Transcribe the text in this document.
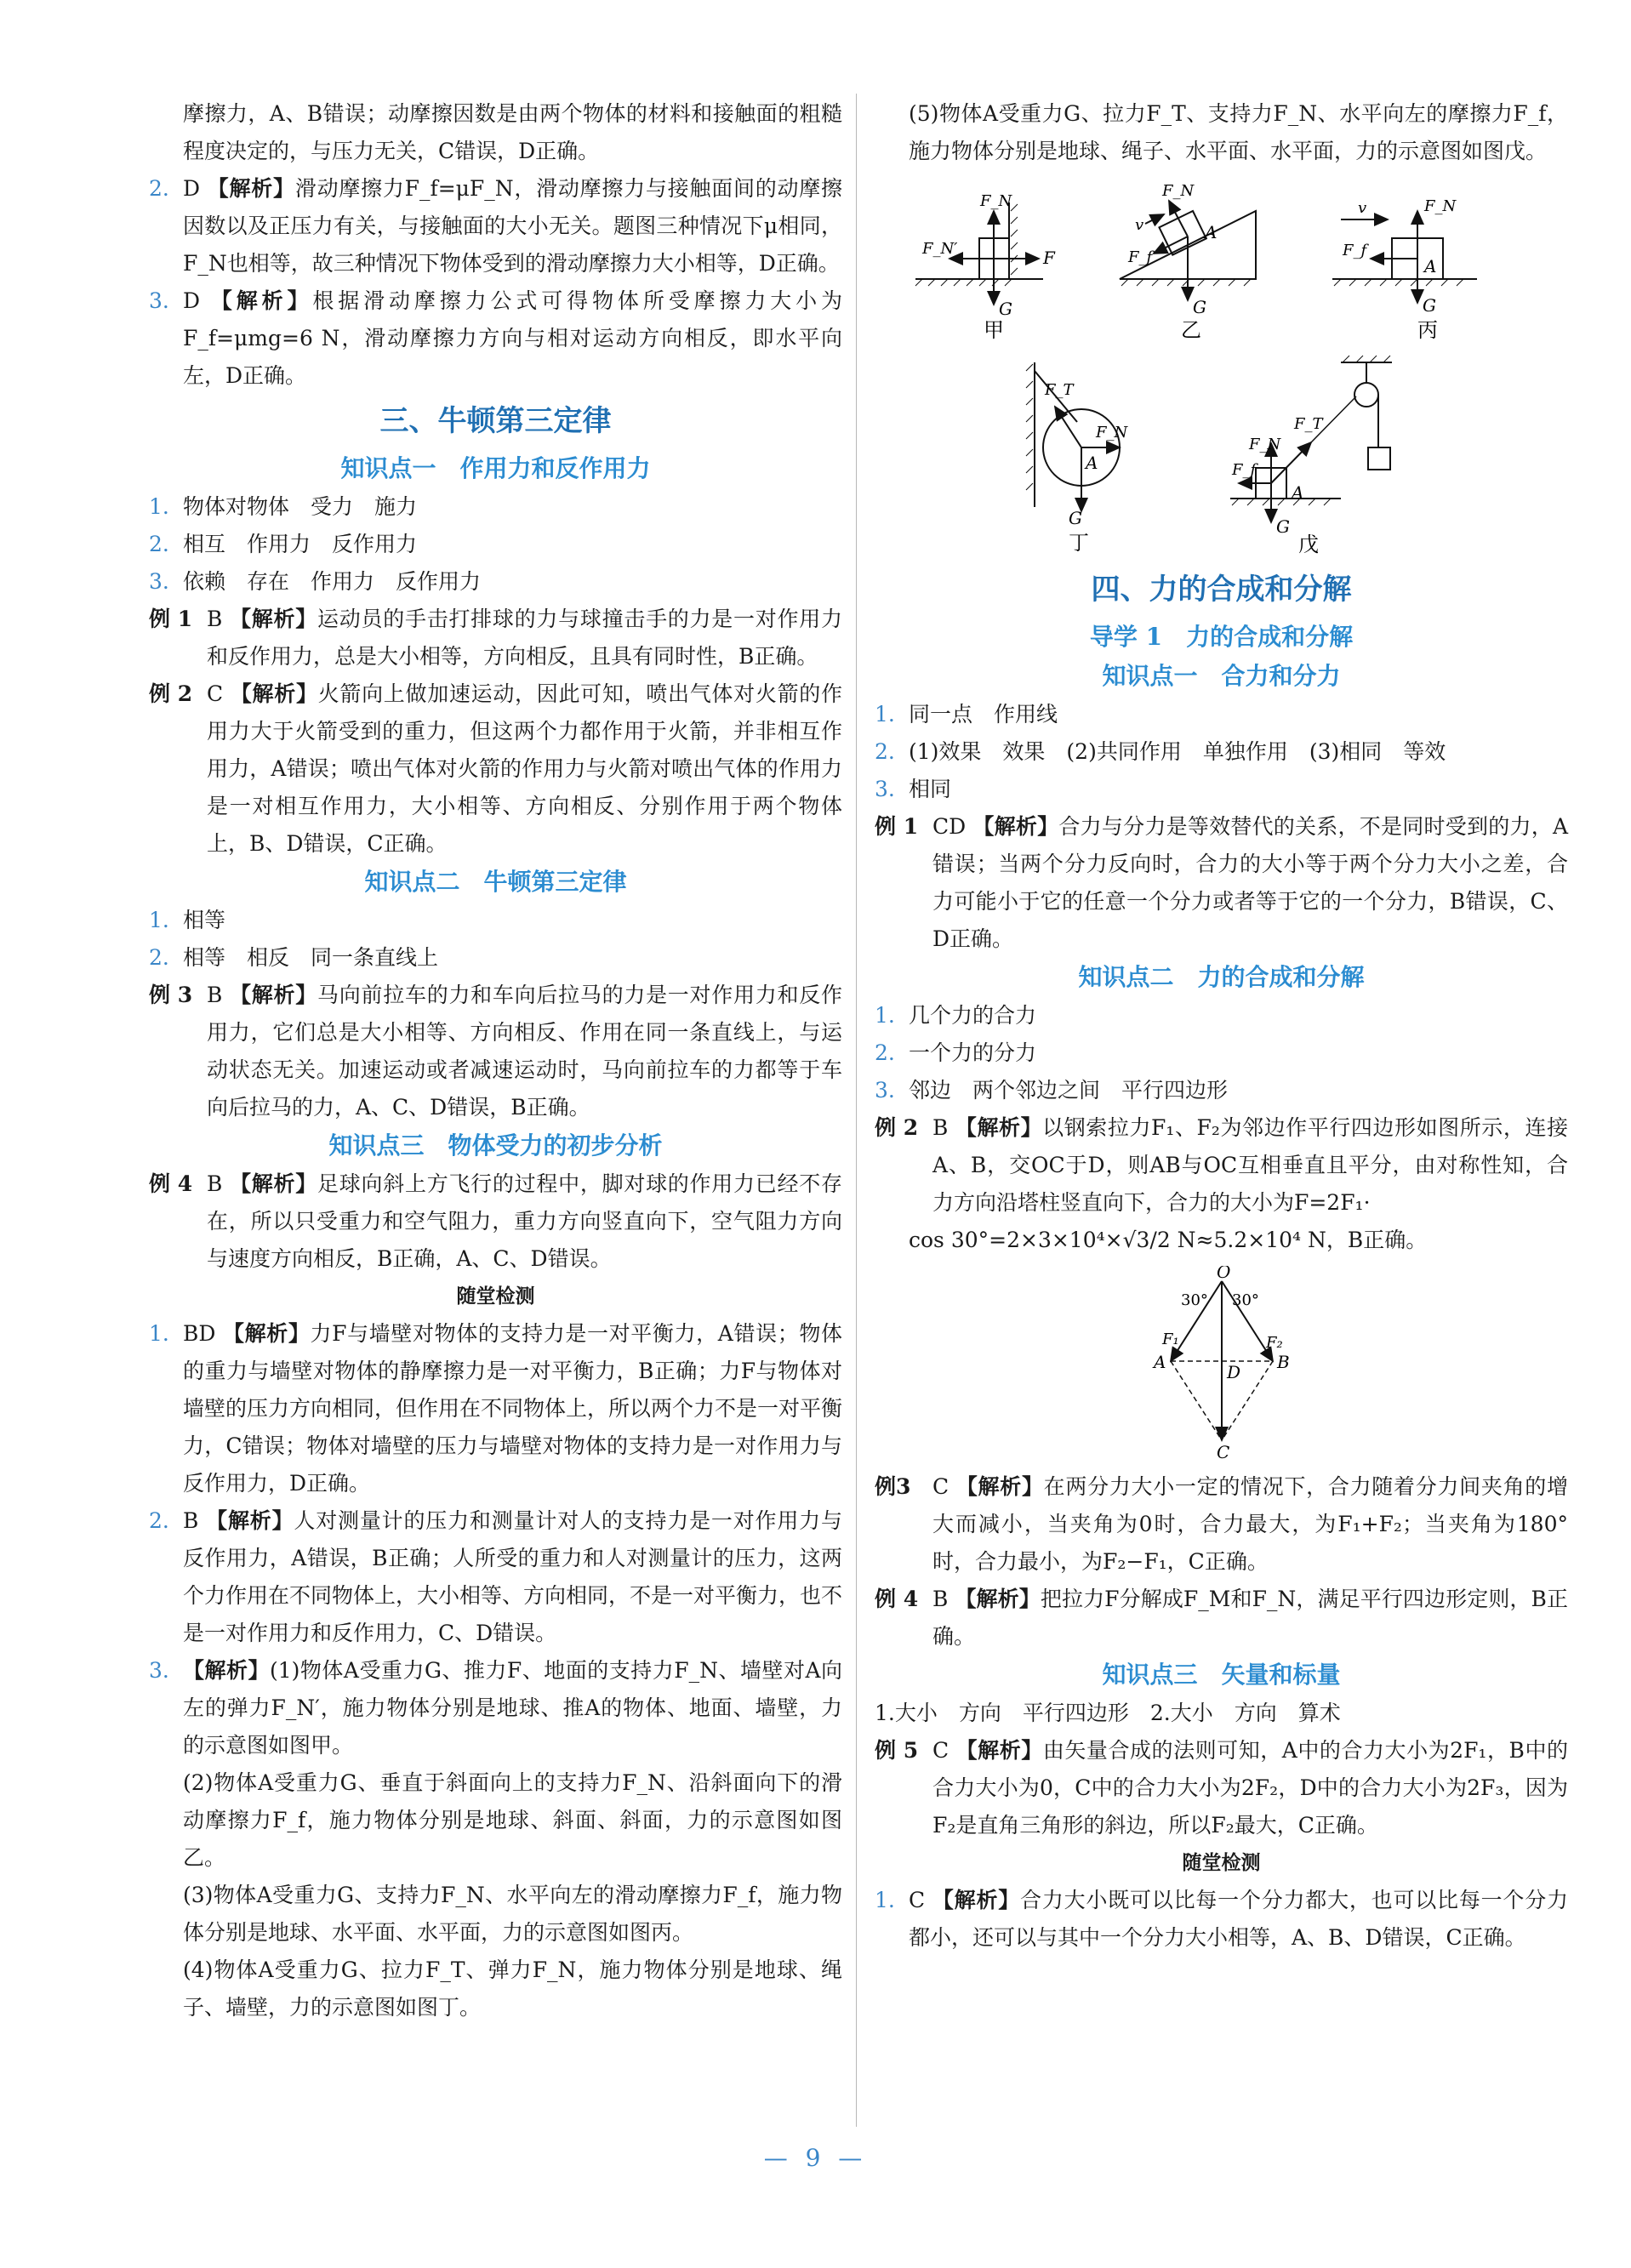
摩擦力，A、B错误；动摩擦因数是由两个物体的材料和接触面的粗糙程度决定的，与压力无关，C错误，D正确。
2. D 【解析】滑动摩擦力F_f=μF_N，滑动摩擦力与接触面间的动摩擦因数以及正压力有关，与接触面的大小无关。题图三种情况下μ相同，F_N也相等，故三种情况下物体受到的滑动摩擦力大小相等，D正确。
3. D 【解析】根据滑动摩擦力公式可得物体所受摩擦力大小为F_f=μmg=6 N，滑动摩擦力方向与相对运动方向相反，即水平向左，D正确。
三、牛顿第三定律
知识点一　作用力和反作用力
1. 物体对物体　受力　施力
2. 相互　作用力　反作用力
3. 依赖　存在　作用力　反作用力
例 1 B 【解析】运动员的手击打排球的力与球撞击手的力是一对作用力和反作用力，总是大小相等，方向相反，且具有同时性，B正确。
例 2 C 【解析】火箭向上做加速运动，因此可知，喷出气体对火箭的作用力大于火箭受到的重力，但这两个力都作用于火箭，并非相互作用力，A错误；喷出气体对火箭的作用力与火箭对喷出气体的作用力是一对相互作用力，大小相等、方向相反、分别作用于两个物体上，B、D错误，C正确。
知识点二　牛顿第三定律
1. 相等
2. 相等　相反　同一条直线上
例 3 B 【解析】马向前拉车的力和车向后拉马的力是一对作用力和反作用力，它们总是大小相等、方向相反、作用在同一条直线上，与运动状态无关。加速运动或者减速运动时，马向前拉车的力都等于车向后拉马的力，A、C、D错误，B正确。
知识点三　物体受力的初步分析
例 4 B 【解析】足球向斜上方飞行的过程中，脚对球的作用力已经不存在，所以只受重力和空气阻力，重力方向竖直向下，空气阻力方向与速度方向相反，B正确，A、C、D错误。
随堂检测
1. BD 【解析】力F与墙壁对物体的支持力是一对平衡力，A错误；物体的重力与墙壁对物体的静摩擦力是一对平衡力，B正确；力F与物体对墙壁的压力方向相同，但作用在不同物体上，所以两个力不是一对平衡力，C错误；物体对墙壁的压力与墙壁对物体的支持力是一对作用力与反作用力，D正确。
2. B 【解析】人对测量计的压力和测量计对人的支持力是一对作用力与反作用力，A错误，B正确；人所受的重力和人对测量计的压力，这两个力作用在不同物体上，大小相等、方向相同，不是一对平衡力，也不是一对作用力和反作用力，C、D错误。
3. 【解析】(1)物体A受重力G、推力F、地面的支持力F_N、墙壁对A向左的弹力F_N′，施力物体分别是地球、推A的物体、地面、墙壁，力的示意图如图甲。
(2)物体A受重力G、垂直于斜面向上的支持力F_N、沿斜面向下的滑动摩擦力F_f，施力物体分别是地球、斜面、斜面，力的示意图如图乙。
(3)物体A受重力G、支持力F_N、水平向左的滑动摩擦力F_f，施力物体分别是地球、水平面、水平面，力的示意图如图丙。
(4)物体A受重力G、拉力F_T、弹力F_N，施力物体分别是地球、绳子、墙壁，力的示意图如图丁。
(5)物体A受重力G、拉力F_T、支持力F_N、水平向左的摩擦力F_f，施力物体分别是地球、绳子、水平面、水平面，力的示意图如图戊。
F_N
F_N′	F
G
甲
F_N
v	A
F_f
G
乙
v	F_N
F_f
A
G
丙
F_T
F_N
A
G
丁
F_T
F_N
F_f
A
G
戊
四、力的合成和分解
导学 1　力的合成和分解
知识点一　合力和分力
1. 同一点　作用线
2. (1)效果　效果　(2)共同作用　单独作用　(3)相同　等效
3. 相同
例 1 CD 【解析】合力与分力是等效替代的关系，不是同时受到的力，A错误；当两个分力反向时，合力的大小等于两个分力大小之差，合力可能小于它的任意一个分力或者等于它的一个分力，B错误，C、D正确。
知识点二　力的合成和分解
1. 几个力的合力
2. 一个力的分力
3. 邻边　两个邻边之间　平行四边形
例 2 B 【解析】以钢索拉力F₁、F₂为邻边作平行四边形如图所示，连接A、B，交OC于D，则AB与OC互相垂直且平分，由对称性知，合力方向沿塔柱竖直向下，合力的大小为F=2F₁·
cos 30°=2×3×10⁴×√3/2 N≈5.2×10⁴ N，B正确。
O
30° 30°
F₁	F₂
A	B
D
C
例3 C 【解析】在两分力大小一定的情况下，合力随着分力间夹角的增大而减小，当夹角为0时，合力最大，为F₁+F₂；当夹角为180°时，合力最小，为F₂−F₁，C正确。
例 4 B 【解析】把拉力F分解成F_M和F_N，满足平行四边形定则，B正确。
知识点三　矢量和标量
1.大小　方向　平行四边形　2.大小　方向　算术
例 5 C 【解析】由矢量合成的法则可知，A中的合力大小为2F₁，B中的合力大小为0，C中的合力大小为2F₂，D中的合力大小为2F₃，因为F₂是直角三角形的斜边，所以F₂最大，C正确。
随堂检测
1. C 【解析】合力大小既可以比每一个分力都大，也可以比每一个分力都小，还可以与其中一个分力大小相等，A、B、D错误，C正确。
— 9 —
